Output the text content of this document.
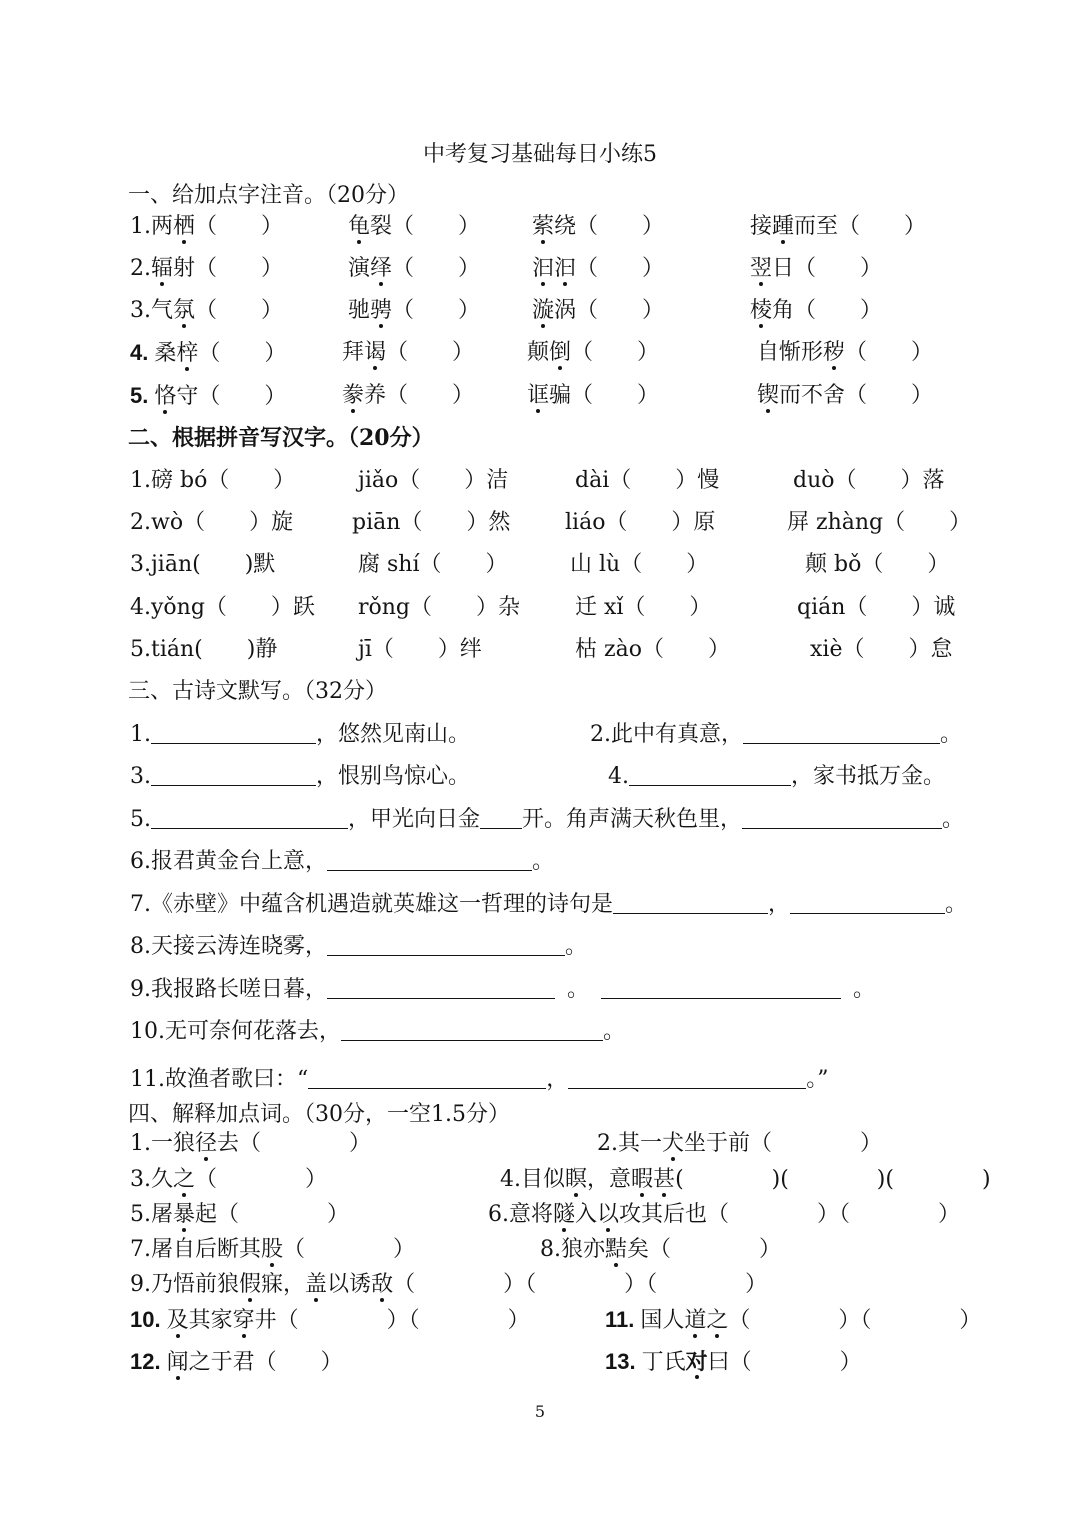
中考复习基础每日小练5
一、给加点字注音。（20分）
1.两栖（　　）	龟裂（　　） 萦绕（　　）	接踵而至（　　）
2.辐射（　　）	演绎（　　） 汩汩（　　）	翌日（　　）
3.气氛（　　）	驰骋（　　） 漩涡（　　）	棱角（　　）
4. 桑梓（　　）	拜谒（　　） 颠倒（　　）	自惭形秽（　　）
5. 恪守（　　）	豢养（　　） 诓骗（　　）	锲而不舍（　　）
二、根据拼音写汉字。（20分）
1.磅 bó（　　）	jiǎo（　　）洁	dài（　　）慢	duò（　　）落
2.wò（　　）旋	piān（　　）然 liáo（　　）原	屏 zhàng（　　）
3.jiān(　　)默	腐 shí（　　）	山 lù（　　）	颠 bǒ（　　）
4.yǒng（　　）跃 rǒng（　　）杂 迁 xǐ（　　）	qián（　　）诚
5.tián(　　)静	jī（　　）绊	枯 zào（　　）	xiè（　　）怠
三、古诗文默写。（32分）
1.	，悠然见南山。	2.此中有真意，	。
3.	，恨别鸟惊心。	4.	，家书抵万金。
5.	，甲光向日金 开。角声满天秋色里，	。
6.报君黄金台上意，	。
7.《赤壁》中蕴含机遇造就英雄这一哲理的诗句是	，	。
8.天接云涛连晓雾，	。
9.我报路长嗟日暮，	。	。
10.无可奈何花落去，	。
11.故渔者歌曰：“	，	。”
四、解释加点词。（30分，一空1.5分）
1.一狼径去（　　　　）	2.其一犬坐于前（　　　　）
3.久之（　　　　）	4.目似瞑，意暇甚(　　　　)(　　　　)(　　　　)
5.屠暴起（　　　　）	6.意将隧入以攻其后也（　　　　）（　　　　）
7.屠自后断其股（　　　　）	8.狼亦黠矣（　　　　）
9.乃悟前狼假寐，盖以诱敌（　　　　）（　　　　）（　　　　）
10. 及其家穿井（　　　　）（　　　　）	11. 国人道之（　　　　）（　　　　）
12. 闻之于君（　　）	13. 丁氏对曰（　　　　）
5
